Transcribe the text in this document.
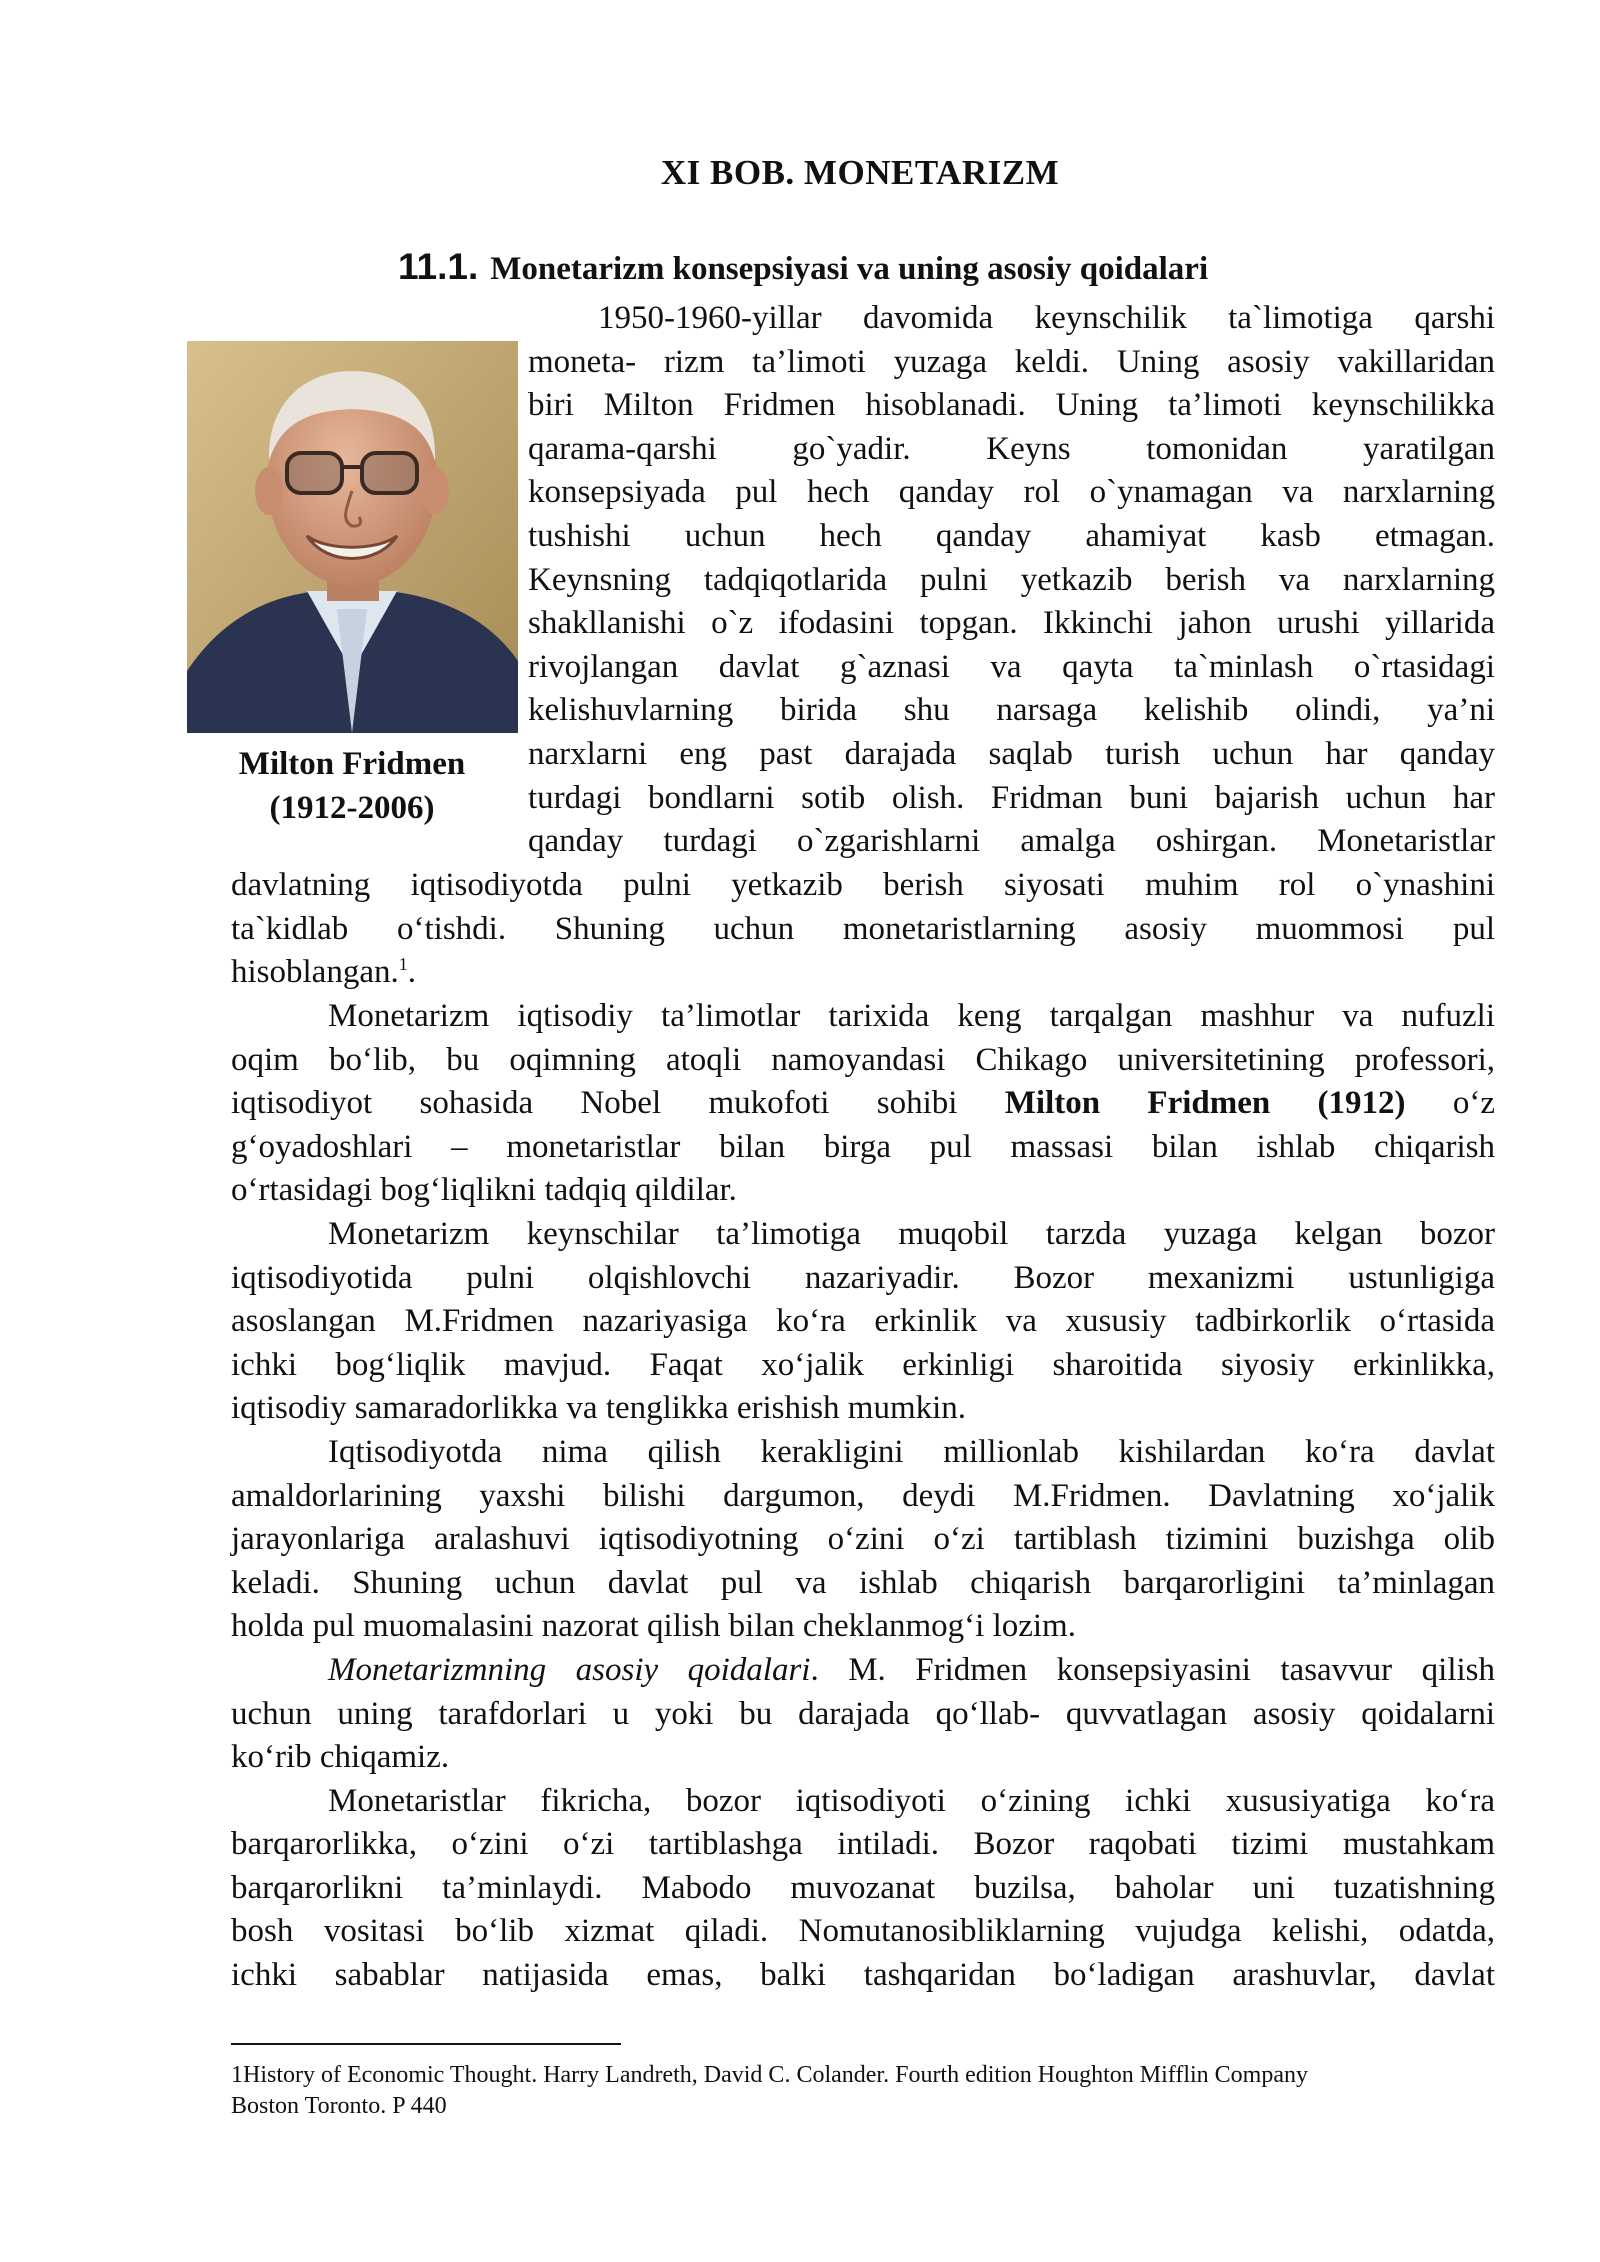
XI BOB. MONETARIZM
11.1. Monetarizm konsepsiyasi va uning asosiy qoidalari
Milton Fridmen
(1912-2006)
1950-1960-yillar davomida keynschilik ta`limotiga qarshi
moneta- rizm ta’limoti yuzaga keldi. Uning asosiy vakillaridan
biri Milton Fridmen hisoblanadi. Uning ta’limoti keynschilikka
qarama-qarshi go`yadir. Keyns tomonidan yaratilgan
konsepsiyada pul hech qanday rol o`ynamagan va narxlarning
tushishi uchun hech qanday ahamiyat kasb etmagan.
Keynsning tadqiqotlarida pulni yetkazib berish va narxlarning
shakllanishi o`z ifodasini topgan. Ikkinchi jahon urushi yillarida
rivojlangan davlat g`aznasi va qayta ta`minlash o`rtasidagi
kelishuvlarning birida shu narsaga kelishib olindi, ya’ni
narxlarni eng past darajada saqlab turish uchun har qanday
turdagi bondlarni sotib olish. Fridman buni bajarish uchun har
qanday turdagi o`zgarishlarni amalga oshirgan. Monetaristlar
davlatning iqtisodiyotda pulni yetkazib berish siyosati muhim rol o`ynashini
ta`kidlab o‘tishdi. Shuning uchun monetaristlarning asosiy muommosi pul
hisoblangan.$^1$.
Monetarizm iqtisodiy ta’limotlar tarixida keng tarqalgan mashhur va nufuzli
oqim bo‘lib, bu oqimning atoqli namoyandasi Chikago universitetining professori,
iqtisodiyot sohasida Nobel mukofoti sohibi Milton Fridmen (1912) o‘z
g‘oyadoshlari – monetaristlar bilan birga pul massasi bilan ishlab chiqarish
o‘rtasidagi bog‘liqlikni tadqiq qildilar.
Monetarizm keynschilar ta’limotiga muqobil tarzda yuzaga kelgan bozor
iqtisodiyotida pulni olqishlovchi nazariyadir. Bozor mexanizmi ustunligiga
asoslangan M.Fridmen nazariyasiga ko‘ra erkinlik va xususiy tadbirkorlik o‘rtasida
ichki bog‘liqlik mavjud. Faqat xo‘jalik erkinligi sharoitida siyosiy erkinlikka,
iqtisodiy samaradorlikka va tenglikka erishish mumkin.
Iqtisodiyotda nima qilish kerakligini millionlab kishilardan ko‘ra davlat
amaldorlarining yaxshi bilishi dargumon, deydi M.Fridmen. Davlatning xo‘jalik
jarayonlariga aralashuvi iqtisodiyotning o‘zini o‘zi tartiblash tizimini buzishga olib
keladi. Shuning uchun davlat pul va ishlab chiqarish barqarorligini ta’minlagan
holda pul muomalasini nazorat qilish bilan cheklanmog‘i lozim.
Monetarizmning asosiy qoidalari. M. Fridmen konsepsiyasini tasavvur qilish
uchun uning tarafdorlari u yoki bu darajada qo‘llab- quvvatlagan asosiy qoidalarni
ko‘rib chiqamiz.
Monetaristlar fikricha, bozor iqtisodiyoti o‘zining ichki xususiyatiga ko‘ra
barqarorlikka, o‘zini o‘zi tartiblashga intiladi. Bozor raqobati tizimi mustahkam
barqarorlikni ta’minlaydi. Mabodo muvozanat buzilsa, baholar uni tuzatishning
bosh vositasi bo‘lib xizmat qiladi. Nomutanosibliklarning vujudga kelishi, odatda,
ichki sabablar natijasida emas, balki tashqaridan bo‘ladigan arashuvlar, davlat
1History of Economic Thought. Harry Landreth, David C. Colander. Fourth edition Houghton Mifflin Company
Boston Toronto. P 440
